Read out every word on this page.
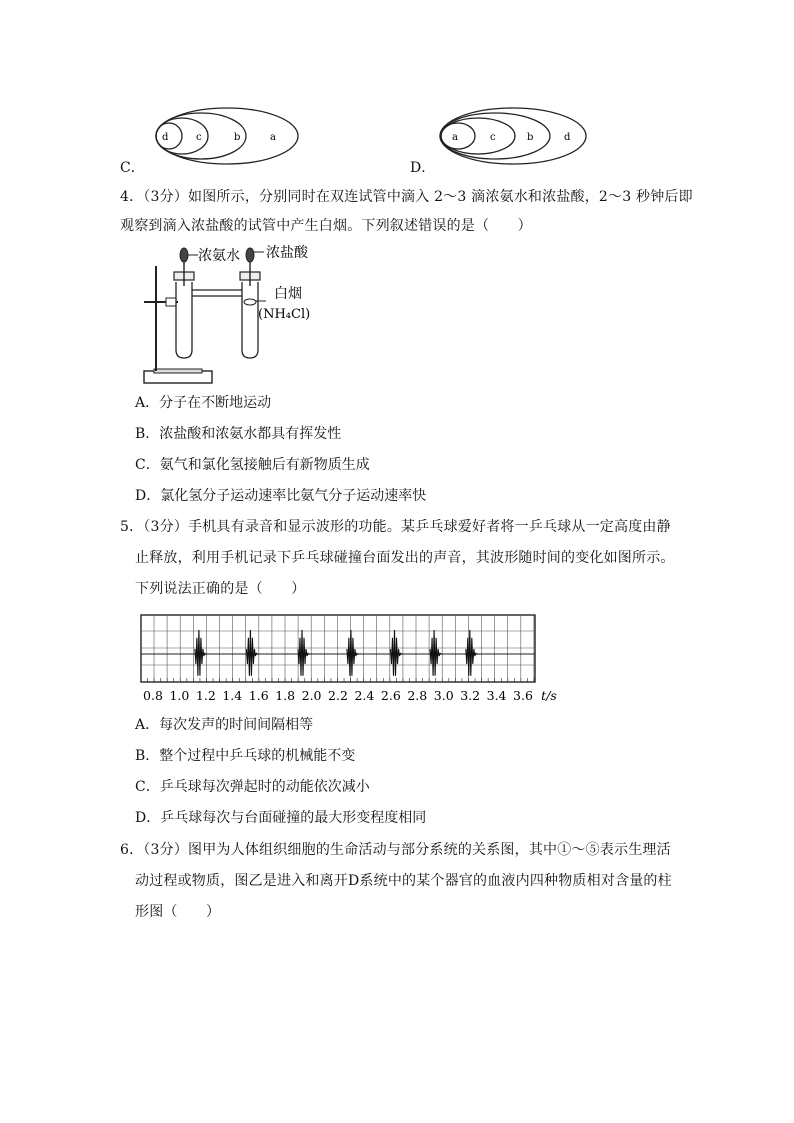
d	c	b	a
C．
a	c	b	d
D．
4．（3分）如图所示，分别同时在双连试管中滴入 2～3 滴浓氨水和浓盐酸，2～3 秒钟后即
观察到滴入浓盐酸的试管中产生白烟。下列叙述错误的是（　　）
浓氨水 浓盐酸
白烟
(NH₄Cl)
A．分子在不断地运动
B．浓盐酸和浓氨水都具有挥发性
C．氨气和氯化氢接触后有新物质生成
D．氯化氢分子运动速率比氨气分子运动速率快
5．（3分）手机具有录音和显示波形的功能。某乒乓球爱好者将一乒乓球从一定高度由静
止释放，利用手机记录下乒乓球碰撞台面发出的声音，其波形随时间的变化如图所示。
下列说法正确的是（　　）
0.8 1.0 1.2 1.4 1.6 1.8 2.0 2.2 2.4 2.6 2.8 3.0 3.2 3.4 3.6 t/s
A．每次发声的时间间隔相等
B．整个过程中乒乓球的机械能不变
C．乒乓球每次弹起时的动能依次减小
D．乒乓球每次与台面碰撞的最大形变程度相同
6．（3分）图甲为人体组织细胞的生命活动与部分系统的关系图，其中①～⑤表示生理活
动过程或物质，图乙是进入和离开D系统中的某个器官的血液内四种物质相对含量的柱
形图（　　）
